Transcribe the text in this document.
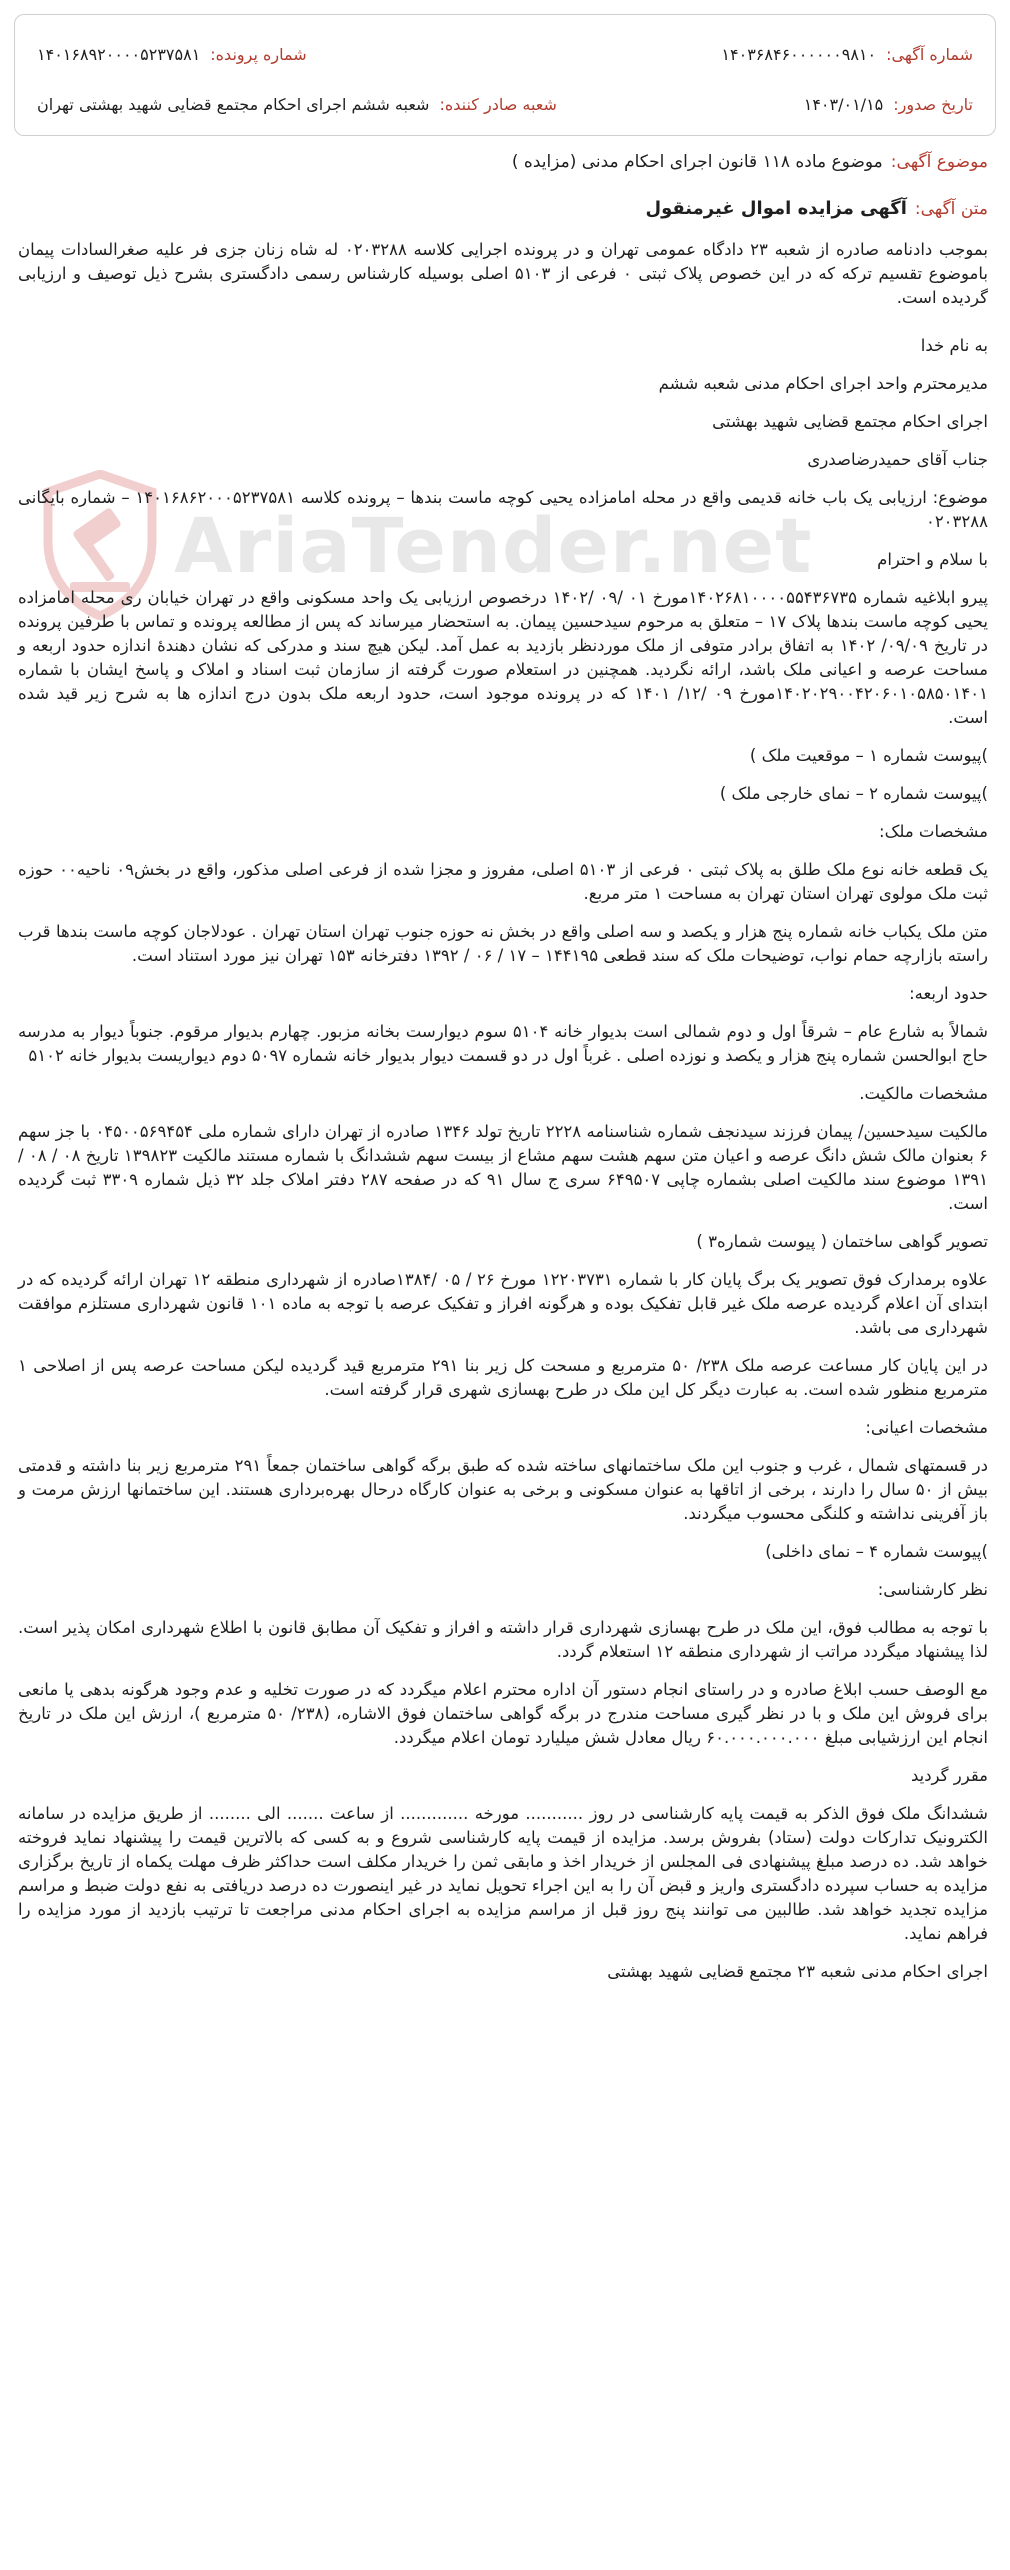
شماره آگهی:
۱۴۰۳۶۸۴۶۰۰۰۰۰۰۹۸۱۰
شماره پرونده:
۱۴۰۱۶۸۹۲۰۰۰۰۵۲۳۷۵۸۱
تاریخ صدور:
۱۴۰۳/۰۱/۱۵
شعبه صادر کننده:
شعبه ششم اجرای احکام مجتمع قضایی شهید بهشتی تهران
موضوع آگهی:موضوع ماده ۱۱۸ قانون اجرای احکام مدنی (مزایده )
متن آگهی:آگهی مزایده اموال غیرمنقول
AriaTender.net

بموجب دادنامه صادره از شعبه ۲۳ دادگاه عمومی تهران و در پرونده اجرایی کلاسه ۰۲۰۳۲۸۸ له شاه زنان جزی فر علیه صغرالسادات پیمان باموضوع تقسیم ترکه که در این خصوص پلاک ثبتی ۰ فرعی از ۵۱۰۳ اصلی بوسیله کارشناس رسمی دادگستری بشرح ذیل توصیف و ارزیابی گردیده است.

به نام خدا

مدیرمحترم واحد اجرای احکام مدنی شعبه ششم

اجرای احکام مجتمع قضایی شهید بهشتی

جناب آقای حمیدرضاصدری

موضوع: ارزیابی یک باب خانه قدیمی واقع در محله امامزاده یحیی کوچه ماست بندها – پرونده کلاسه ۱۴۰۱۶۸۶۲۰۰۰۵۲۳۷۵۸۱ – شماره بایگانی ۰۲۰۳۲۸۸

با سلام و احترام

پیرو ابلاغیه شماره ۱۴۰۲۶۸۱۰۰۰۰۵۵۴۳۶۷۳۵مورخ ۰۱ /۰۹ /۱۴۰۲ درخصوص ارزیابی یک واحد مسکونی واقع در تهران خیابان ری محله امامزاده یحیی کوچه ماست بندها پلاک ۱۷ – متعلق به مرحوم سیدحسین پیمان. به استحضار میرساند که پس از مطالعه پرونده و تماس با طرفین پرونده در تاریخ ۰۹/۰۹/ ۱۴۰۲ به اتفاق برادر متوفی از ملک موردنظر بازدید به عمل آمد. لیکن هیچ سند و مدرکی که نشان دهندهٔ اندازه حدود اربعه و مساحت عرصه و اعیانی ملک باشد، ارائه نگردید. همچنین در استعلام صورت گرفته از سازمان ثبت اسناد و املاک و پاسخ ایشان با شماره ۱۴۰۲۰۲۹۰۰۴۲۰۶۰۱۰۵۸۵۰۱۴۰۱مورخ ۰۹ /۱۲/ ۱۴۰۱ که در پرونده موجود است، حدود اربعه ملک بدون درج اندازه ها به شرح زیر قید شده است.

)پیوست شماره ۱ – موقعیت ملک )

)پیوست شماره ۲ – نمای خارجی ملک )

مشخصات ملک:

یک قطعه خانه نوع ملک طلق به پلاک ثبتی ۰ فرعی از ۵۱۰۳ اصلی، مفروز و مجزا شده از فرعی اصلی مذکور، واقع در بخش۰۹ ناحیه۰۰ حوزه ثبت ملک مولوی تهران استان تهران به مساحت ۱ متر مربع.

متن ملک یکباب خانه شماره پنج هزار و یکصد و سه اصلی واقع در بخش نه حوزه جنوب تهران استان تهران . عودلاجان کوچه ماست بندها قرب راسته بازارچه حمام نواب، توضیحات ملک که سند قطعی ۱۴۴۱۹۵ – ۱۷ / ۰۶ / ۱۳۹۲ دفترخانه ۱۵۳ تهران نیز مورد استناد است.

حدود اربعه:

شمالاً به شارع عام – شرقاً اول و دوم شمالی است بدیوار خانه ۵۱۰۴ سوم دیوارست بخانه مزبور. چهارم بدیوار مرقوم. جنوباً دیوار به مدرسه حاج ابوالحسن شماره پنج هزار و یکصد و نوزده اصلی . غرباً اول در دو قسمت دیوار بدیوار خانه شماره ۵۰۹۷ دوم دیواریست بدیوار خانه ۵۱۰۲

مشخصات مالکیت.

مالکیت سیدحسین/ پیمان فرزند سیدنجف شماره شناسنامه ۲۲۲۸ تاریخ تولد ۱۳۴۶ صادره از تهران دارای شماره ملی ۰۴۵۰۰۵۶۹۴۵۴ با جز سهم ۶ بعنوان مالک شش دانگ عرصه و اعیان متن سهم هشت سهم مشاع از بیست سهم ششدانگ با شماره مستند مالکیت ۱۳۹۸۲۳ تاریخ ۰۸ / ۰۸ / ۱۳۹۱ موضوع سند مالکیت اصلی بشماره چاپی ۶۴۹۵۰۷ سری ج سال ۹۱ که در صفحه ۲۸۷ دفتر املاک جلد ۳۲ ذیل شماره ۳۳۰۹ ثبت گردیده است.

تصویر گواهی ساختمان ( پیوست شماره۳ )

علاوه برمدارک فوق تصویر یک برگ پایان کار با شماره ۱۲۲۰۳۷۳۱ مورخ ۲۶ / ۰۵ /۱۳۸۴صادره از شهرداری منطقه ۱۲ تهران ارائه گردیده که در ابتدای آن اعلام گردیده عرصه ملک غیر قابل تفکیک بوده و هرگونه افراز و تفکیک عرصه با توجه به ماده ۱۰۱ قانون شهرداری مستلزم موافقت شهرداری می باشد.

در این پایان کار مساعت عرصه ملک ۲۳۸/ ۵۰ مترمربع و مسحت کل زیر بنا ۲۹۱ مترمربع قید گردیده لیکن مساحت عرصه پس از اصلاحی ۱ مترمربع منظور شده است. به عبارت دیگر کل این ملک در طرح بهسازی شهری قرار گرفته است.

مشخصات اعیانی:

در قسمتهای شمال ، غرب و جنوب این ملک ساختمانهای ساخته شده که طبق برگه گواهی ساختمان جمعاً ۲۹۱ مترمربع زیر بنا داشته و قدمتی بیش از ۵۰ سال را دارند ، برخی از اتاقها به عنوان مسکونی و برخی به عنوان کارگاه درحال بهره‌برداری هستند. این ساختمانها ارزش مرمت و باز آفرینی نداشته و کلنگی محسوب میگردند.

)پیوست شماره ۴ – نمای داخلی)

نظر کارشناسی:

با توجه به مطالب فوق، این ملک در طرح بهسازی شهرداری قرار داشته و افراز و تفکیک آن مطابق قانون با اطلاع شهرداری امکان پذیر است. لذا پیشنهاد میگردد مراتب از شهرداری منطقه ۱۲ استعلام گردد.

مع الوصف حسب ابلاغ صادره و در راستای انجام دستور آن اداره محترم اعلام میگردد که در صورت تخلیه و عدم وجود هرگونه بدهی یا مانعی برای فروش این ملک و با در نظر گیری مساحت مندرج در برگه گواهی ساختمان فوق الاشاره، (۲۳۸/ ۵۰ مترمربع )، ارزش این ملک در تاریخ انجام این ارزشیابی مبلغ ۶۰.۰۰۰.۰۰۰.۰۰۰ ریال معادل شش میلیارد تومان اعلام میگردد.

مقرر گردید

ششدانگ ملک فوق الذکر به قیمت پایه کارشناسی در روز ........... مورخه ............. از ساعت ....... الی ........ از طریق مزایده در سامانه الکترونیک تدارکات دولت (ستاد) بفروش برسد. مزایده از قیمت پایه کارشناسی شروع و به کسی که بالاترین قیمت را پیشنهاد نماید فروخته خواهد شد. ده درصد مبلغ پیشنهادی فی المجلس از خریدار اخذ و مابقی ثمن را خریدار مکلف است حداکثر ظرف مهلت یکماه از تاریخ برگزاری مزایده به حساب سپرده دادگستری واریز و قبض آن را به این اجراء تحویل نماید در غیر اینصورت ده درصد دریافتی به نفع دولت ضبط و مراسم مزایده تجدید خواهد شد. طالبین می توانند پنج روز قبل از مراسم مزایده به اجرای احکام مدنی مراجعت تا ترتیب بازدید از مورد مزایده را فراهم نماید.

اجرای احکام مدنی شعبه ۲۳ مجتمع قضایی شهید بهشتی
